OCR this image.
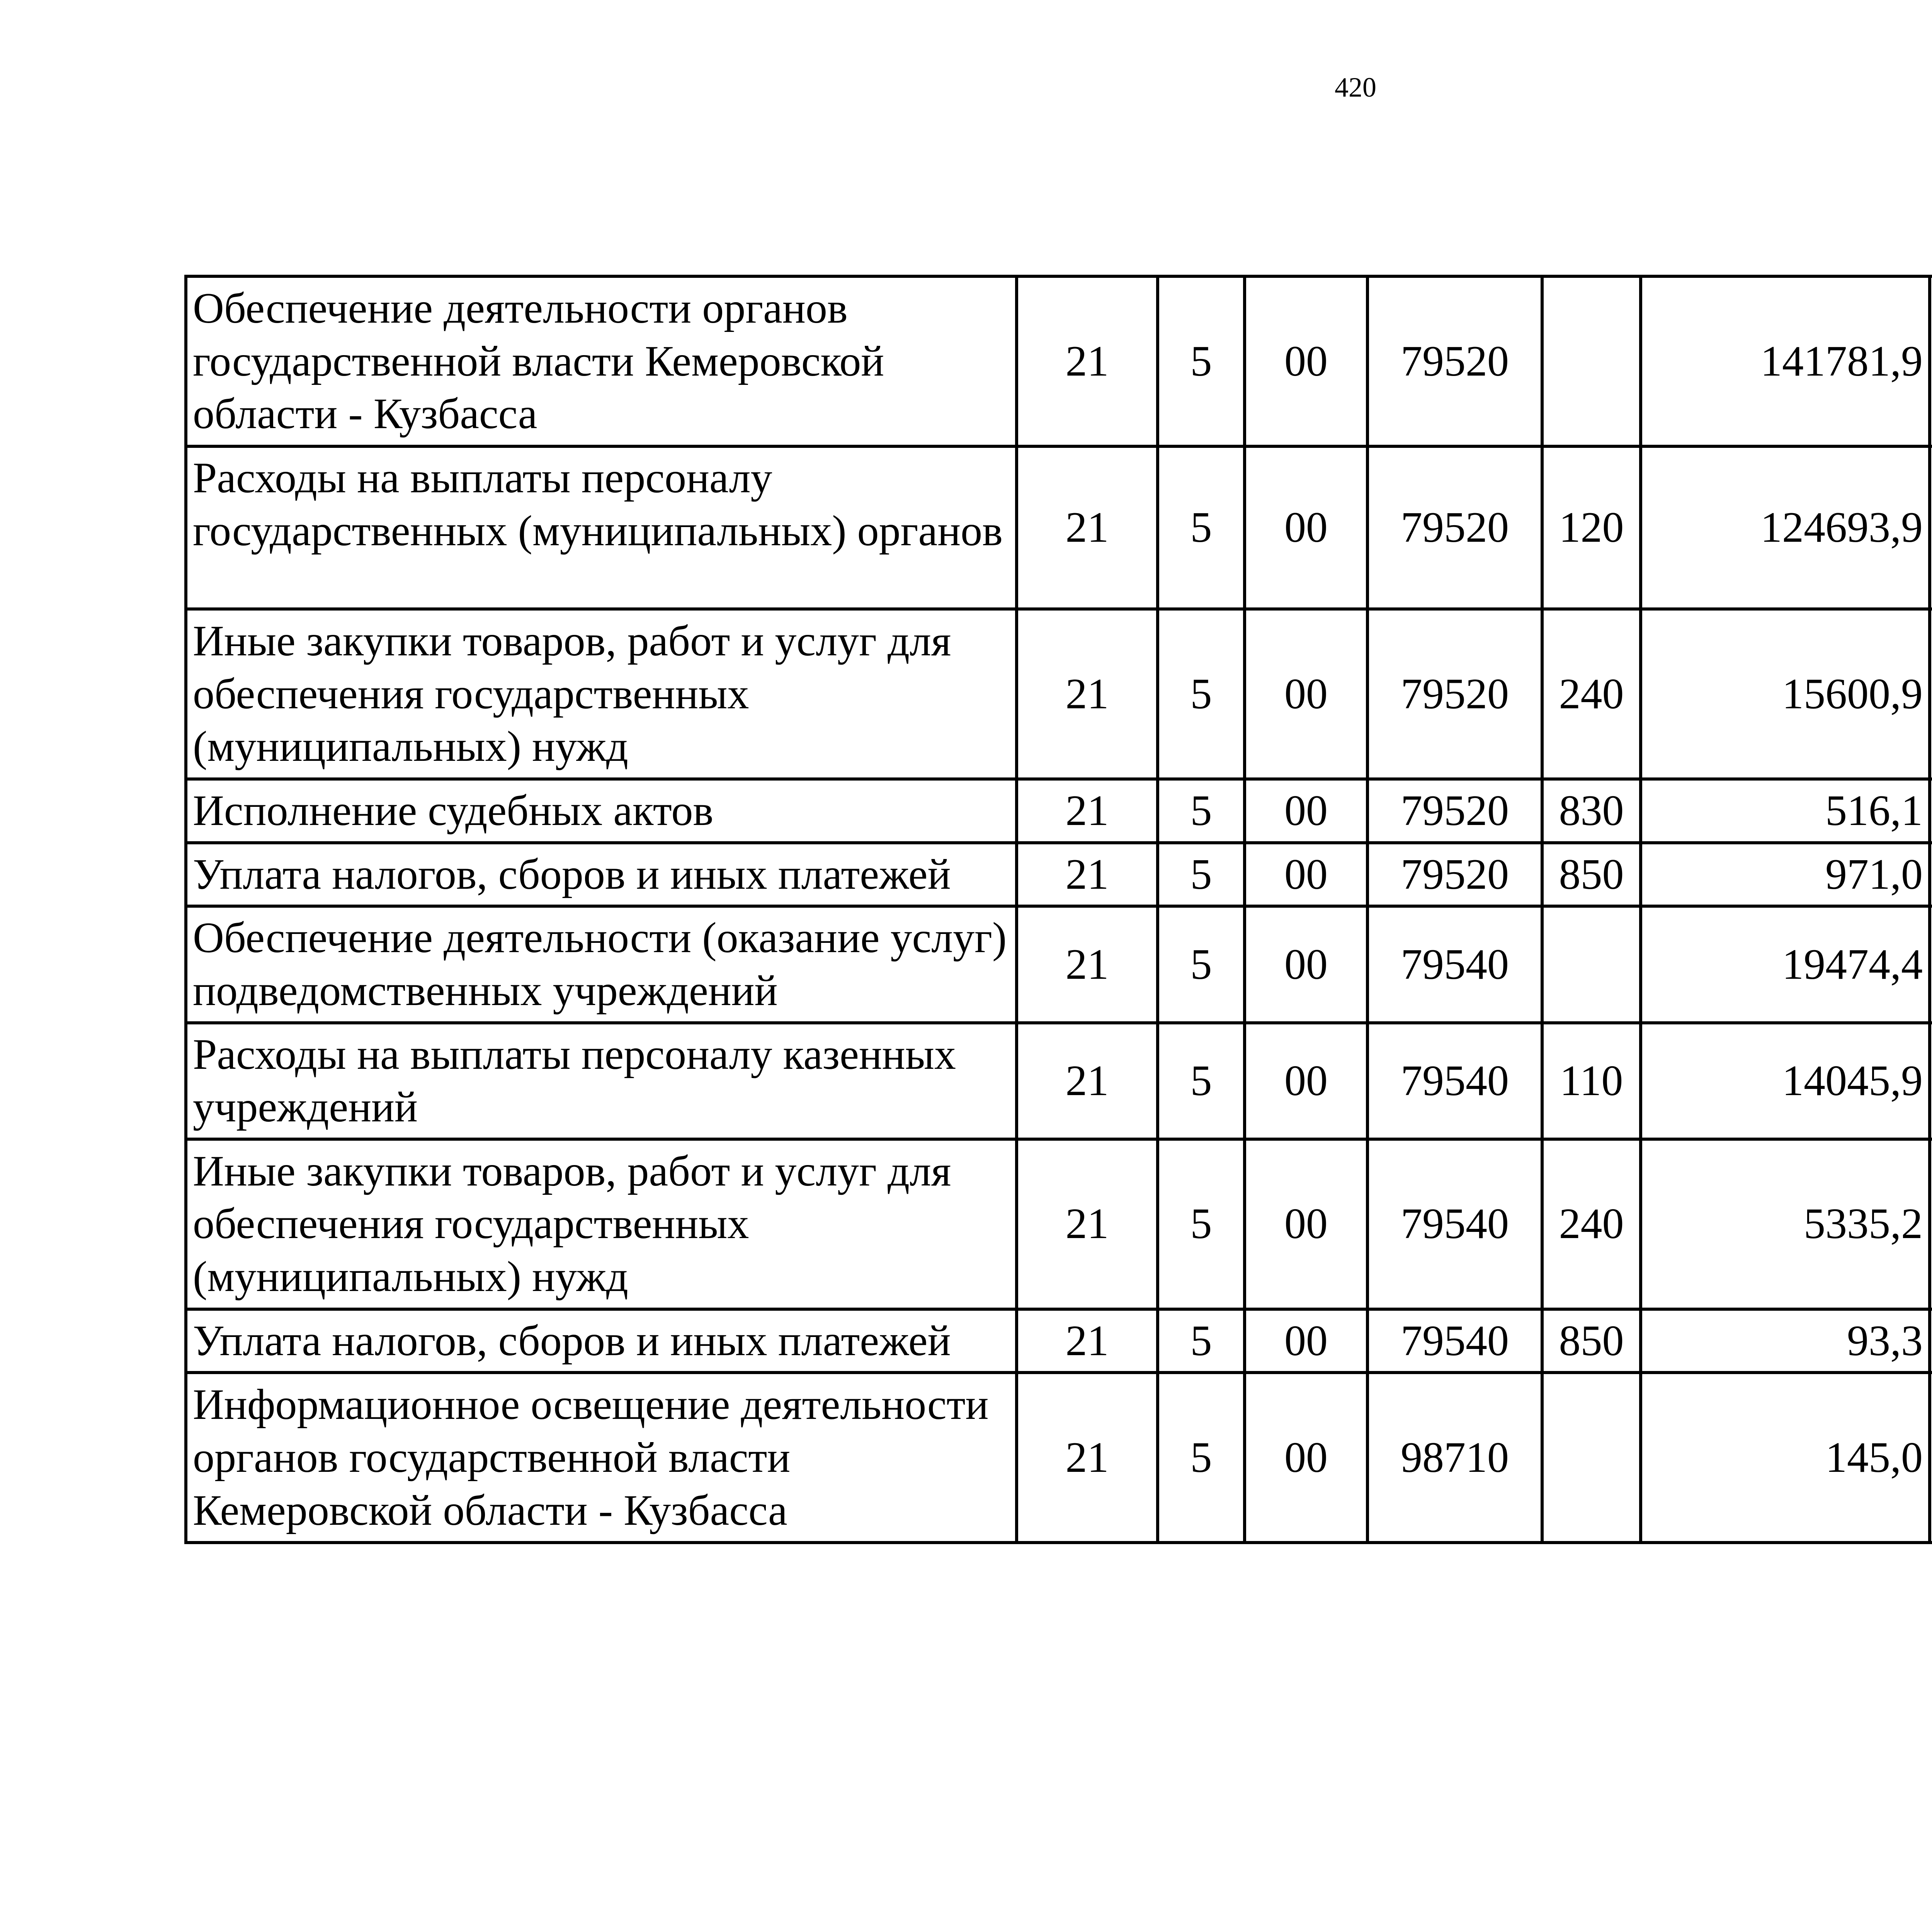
420
Обеспечение деятельности органов государственной власти Кемеровской области - Кузбасса	21	5	00	79520		141781,9		
Расходы на выплаты персоналу государственных (муниципальных) органов	21	5	00	79520	120	124693,9		
Иные закупки товаров, работ и услуг для обеспечения государственных (муниципальных) нужд	21	5	00	79520	240	15600,9		
Исполнение судебных актов	21	5	00	79520	830	516,1		
Уплата налогов, сборов и иных платежей	21	5	00	79520	850	971,0		
Обеспечение деятельности (оказание услуг) подведомственных учреждений	21	5	00	79540		19474,4		
Расходы на выплаты персоналу казенных учреждений	21	5	00	79540	110	14045,9		
Иные закупки товаров, работ и услуг для обеспечения государственных (муниципальных) нужд	21	5	00	79540	240	5335,2		
Уплата налогов, сборов и иных платежей	21	5	00	79540	850	93,3		
Информационное освещение деятельности органов государственной власти Кемеровской области - Кузбасса	21	5	00	98710		145,0		
